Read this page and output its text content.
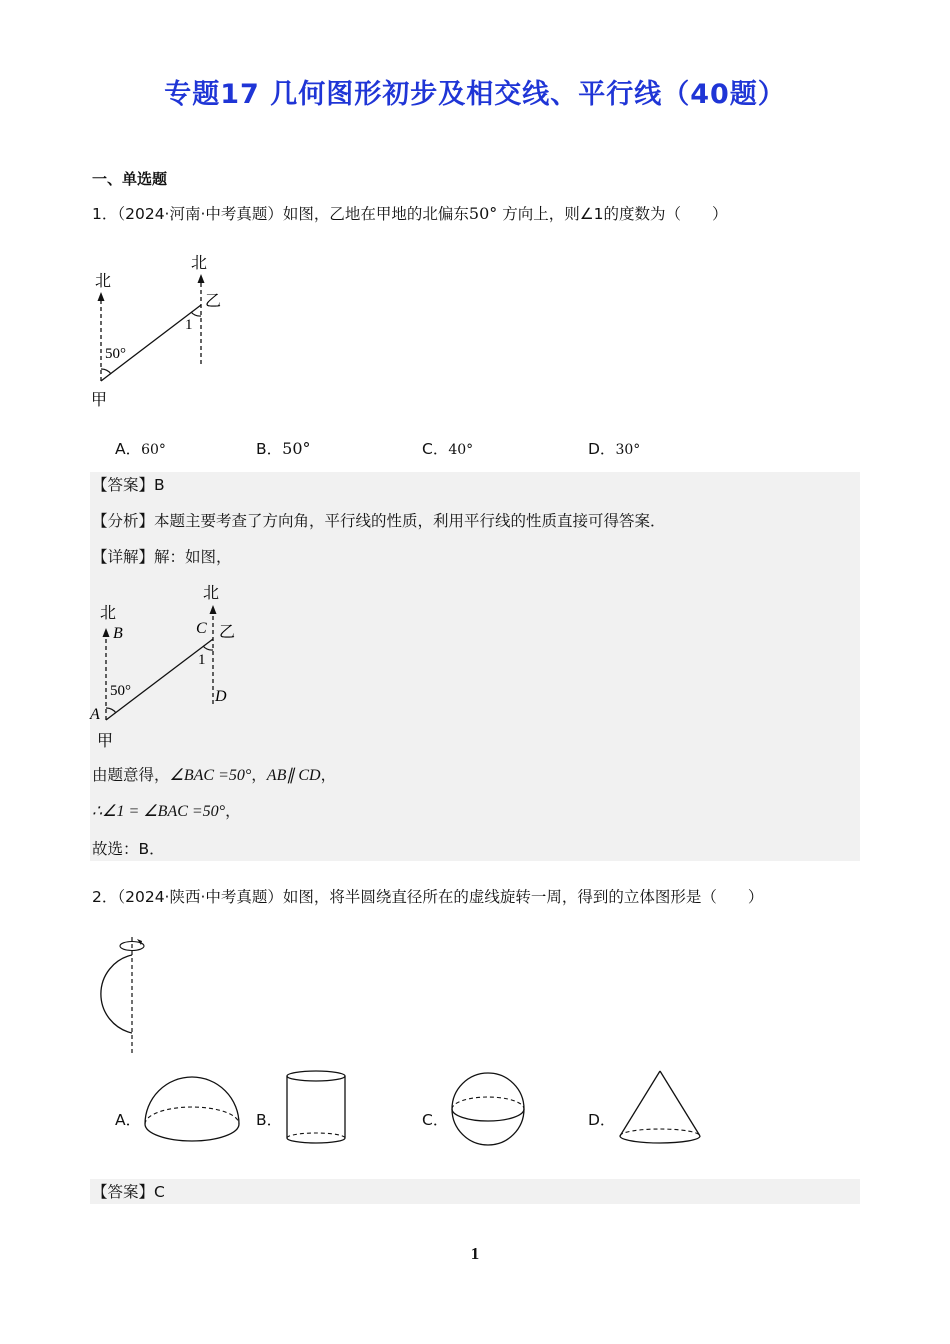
专题17 几何图形初步及相交线、平行线（40题）
一、单选题
1．（2024·河南·中考真题）如图，乙地在甲地的北偏东50° 方向上，则∠1的度数为（　　）
北
北
50°
1
乙
甲
A．60°	B．50°	C．40°	D．30°
【答案】B
【分析】本题主要考查了方向角，平行线的性质，利用平行线的性质直接可得答案．
【详解】解：如图，
北
B
北
50°
1
C 乙
D
A
甲
由题意得，∠BAC =50°，AB∥ CD，
∴∠1 = ∠BAC =50°，
故选：B．
2．（2024·陕西·中考真题）如图，将半圆绕直径所在的虚线旋转一周，得到的立体图形是（　　）
A．	B．	C．	D．
【答案】C
1
